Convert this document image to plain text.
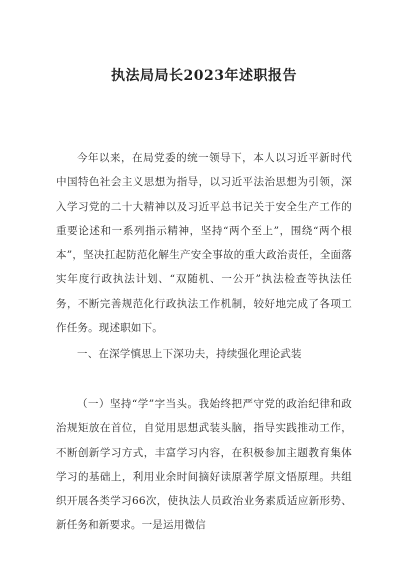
执法局局长2023年述职报告
今年以来，在局党委的统一领导下，本人以习近平新时代中国特色社会主义思想为指导，以习近平法治思想为引领，深入学习党的二十大精神以及习近平总书记关于安全生产工作的重要论述和一系列指示精神，坚持“两个至上”，围绕“两个根本”，坚决扛起防范化解生产安全事故的重大政治责任，全面落实年度行政执法计划、“双随机、一公开”执法检查等执法任务，不断完善规范化行政执法工作机制，较好地完成了各项工作任务。现述职如下。
一、在深学慎思上下深功夫，持续强化理论武装
（一）坚持“学”字当头。我始终把严守党的政治纪律和政治规矩放在首位，自觉用思想武装头脑，指导实践推动工作，不断创新学习方式，丰富学习内容，在积极参加主题教育集体学习的基础上，利用业余时间摘好读原著学原文悟原理。共组织开展各类学习66次，使执法人员政治业务素质适应新形势、新任务和新要求。一是运用微信
